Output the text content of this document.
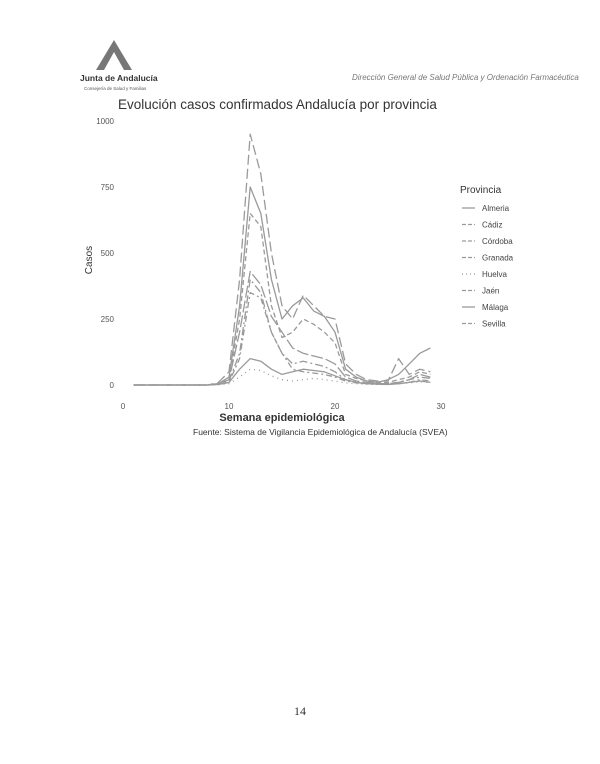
Junta de Andalucía
Consejería de Salud y Familias
Dirección General de Salud Pública y Ordenación Farmacéutica
Evolución casos confirmados Andalucía por provincia
0
250
500
750
1000
0	10	20	30
Semana epidemiológica
Casos
Provincia
Almeria
Cádiz
Córdoba
Granada
Huelva
Jaén
Málaga
Sevilla
Fuente: Sistema de Vigilancia Epidemiológica de Andalucía (SVEA)
14
